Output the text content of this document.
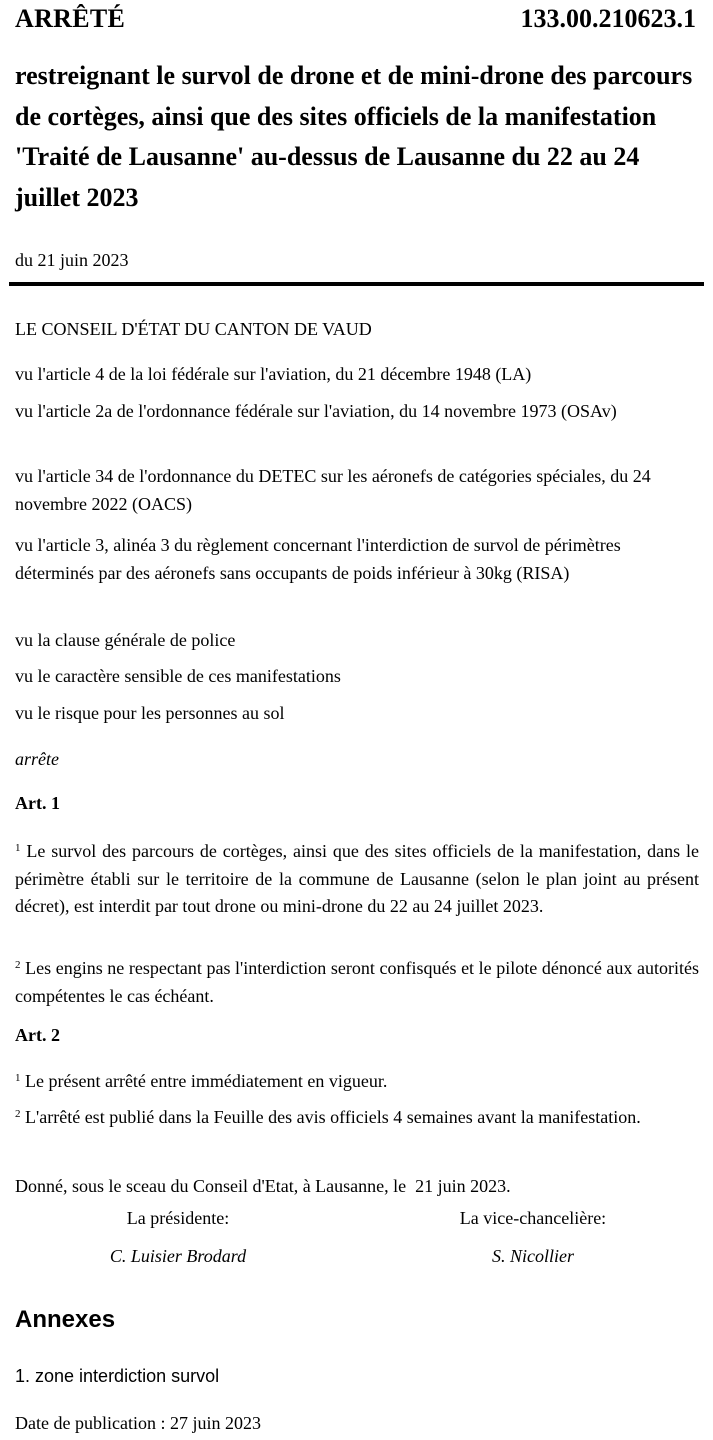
ARRÊTÉ	133.00.210623.1
restreignant le survol de drone et de mini-drone des parcours de cortèges, ainsi que des sites officiels de la manifestation 'Traité de Lausanne' au-dessus de Lausanne du 22 au 24 juillet 2023
du 21 juin 2023
LE CONSEIL D'ÉTAT DU CANTON DE VAUD
vu l'article 4 de la loi fédérale sur l'aviation, du 21 décembre 1948 (LA)
vu l'article 2a de l'ordonnance fédérale sur l'aviation, du 14 novembre 1973 (OSAv)
vu l'article 34 de l'ordonnance du DETEC sur les aéronefs de catégories spéciales, du 24 novembre 2022 (OACS)
vu l'article 3, alinéa 3 du règlement concernant l'interdiction de survol de périmètres déterminés par des aéronefs sans occupants de poids inférieur à 30kg (RISA)
vu la clause générale de police
vu le caractère sensible de ces manifestations
vu le risque pour les personnes au sol
arrête
Art. 1
$^1$ Le survol des parcours de cortèges, ainsi que des sites officiels de la manifestation, dans le périmètre établi sur le territoire de la commune de Lausanne (selon le plan joint au présent décret), est interdit par tout drone ou mini-drone du 22 au 24 juillet 2023.
$^2$ Les engins ne respectant pas l'interdiction seront confisqués et le pilote dénoncé aux autorités compétentes le cas échéant.
Art. 2
$^1$ Le présent arrêté entre immédiatement en vigueur.
$^2$ L'arrêté est publié dans la Feuille des avis officiels 4 semaines avant la manifestation.
Donné, sous le sceau du Conseil d'Etat, à Lausanne, le  21 juin 2023.
La présidente:
C. Luisier Brodard
La vice-chancelière:
S. Nicollier
Annexes
1. zone interdiction survol
Date de publication : 27 juin 2023
